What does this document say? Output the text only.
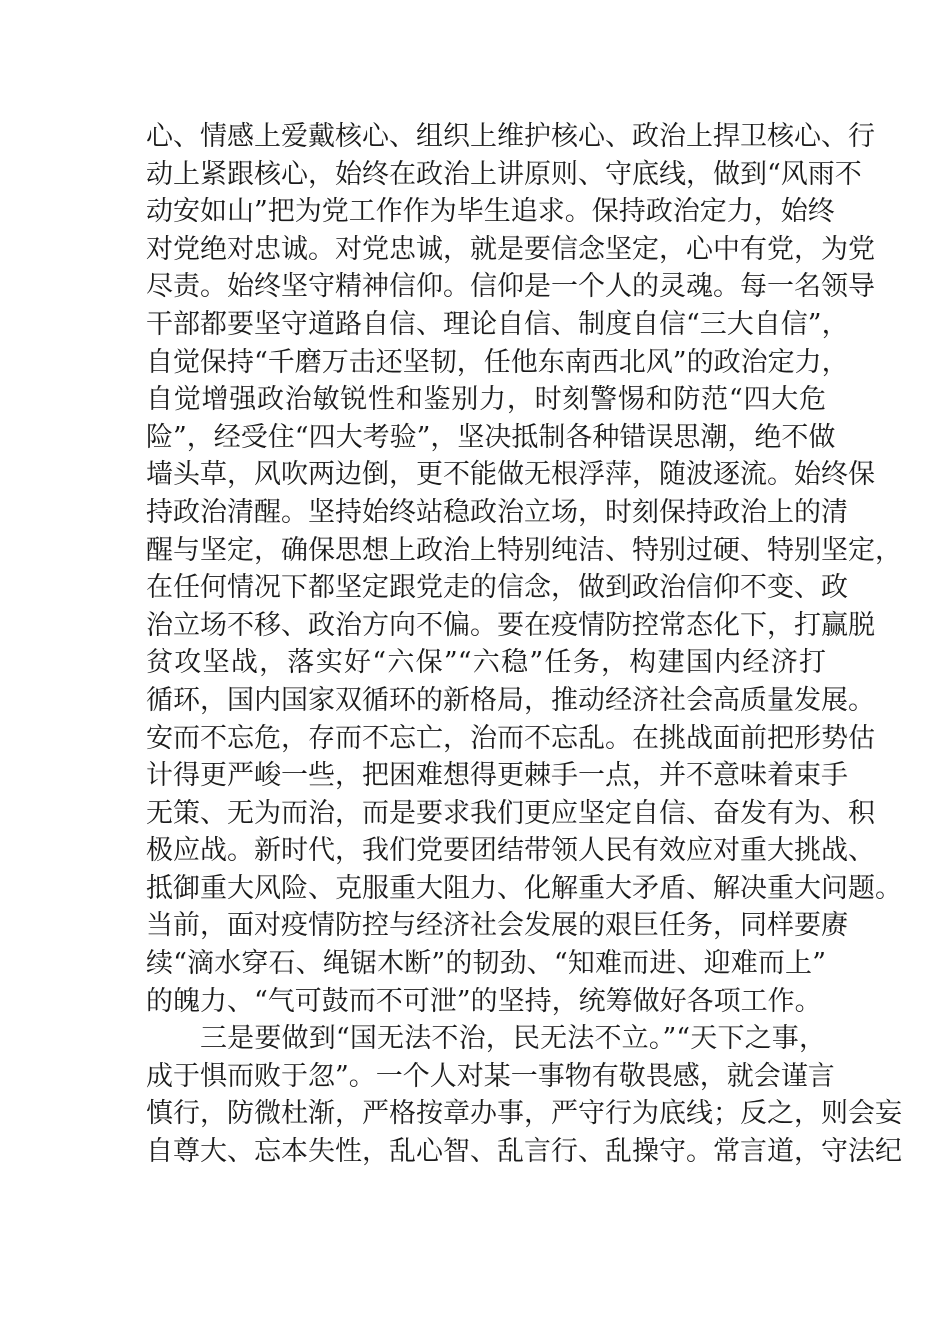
心、情感上爱戴核心、组织上维护核心、政治上捍卫核心、行
动上紧跟核心，始终在政治上讲原则、守底线，做到“风雨不
动安如山”把为党工作作为毕生追求。保持政治定力，始终
对党绝对忠诚。对党忠诚，就是要信念坚定，心中有党，为党
尽责。始终坚守精神信仰。信仰是一个人的灵魂。每一名领导
干部都要坚守道路自信、理论自信、制度自信“三大自信”，
自觉保持“千磨万击还坚韧，任他东南西北风”的政治定力，
自觉增强政治敏锐性和鉴别力，时刻警惕和防范“四大危
险”，经受住“四大考验”，坚决抵制各种错误思潮，绝不做
墙头草，风吹两边倒，更不能做无根浮萍，随波逐流。始终保
持政治清醒。坚持始终站稳政治立场，时刻保持政治上的清
醒与坚定，确保思想上政治上特别纯洁、特别过硬、特别坚定，
在任何情况下都坚定跟党走的信念，做到政治信仰不变、政
治立场不移、政治方向不偏。要在疫情防控常态化下，打赢脱
贫攻坚战，落实好“六保”“六稳”任务，构建国内经济打
循环，国内国家双循环的新格局，推动经济社会高质量发展。
安而不忘危，存而不忘亡，治而不忘乱。在挑战面前把形势估
计得更严峻一些，把困难想得更棘手一点，并不意味着束手
无策、无为而治，而是要求我们更应坚定自信、奋发有为、积
极应战。新时代，我们党要团结带领人民有效应对重大挑战、
抵御重大风险、克服重大阻力、化解重大矛盾、解决重大问题。
当前，面对疫情防控与经济社会发展的艰巨任务，同样要赓
续“滴水穿石、绳锯木断”的韧劲、“知难而进、迎难而上”
的魄力、“气可鼓而不可泄”的坚持，统筹做好各项工作。
三是要做到“国无法不治，民无法不立。”“天下之事，
成于惧而败于忽”。一个人对某一事物有敬畏感，就会谨言
慎行，防微杜渐，严格按章办事，严守行为底线；反之，则会妄
自尊大、忘本失性，乱心智、乱言行、乱操守。常言道，守法纪
